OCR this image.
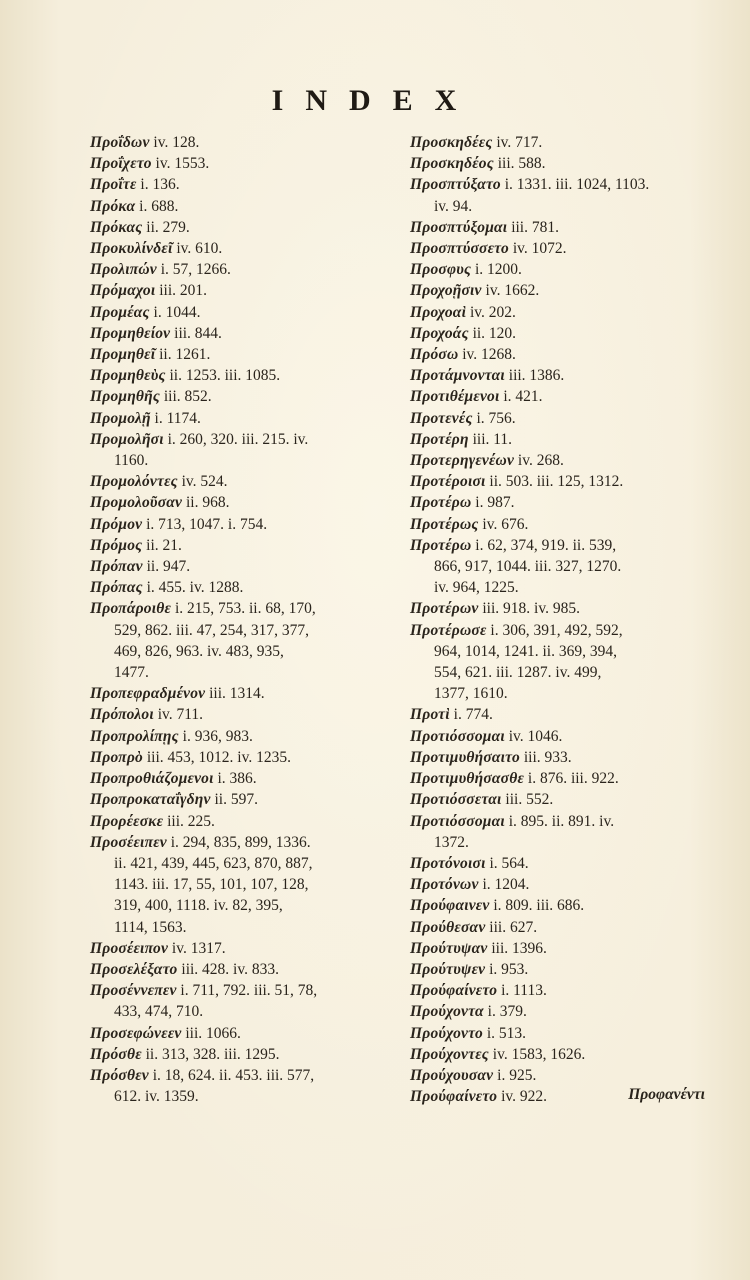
INDEX
Προΐδων iv. 128.
Προΐχετο iv. 1553.
Προΐτε i. 136.
Πρόκα i. 688.
Πρόκας ii. 279.
Προκυλίνδεῖ iv. 610.
Προλιπών i. 57, 1266.
Πρόμαχοι iii. 201.
Προμέας i. 1044.
Προμηθείον iii. 844.
Προμηθεῖ ii. 1261.
Προμηθεὺς ii. 1253. iii. 1085.
Προμηθῆς iii. 852.
Προμολῇ i. 1174.
Προμολῆσι i. 260, 320. iii. 215. iv.
1160.
Προμολόντες iv. 524.
Προμολοῦσαν ii. 968.
Πρόμον i. 713, 1047. i. 754.
Πρόμος ii. 21.
Πρόπαν ii. 947.
Πρόπας i. 455. iv. 1288.
Προπάροιθε i. 215, 753. ii. 68, 170,
529, 862. iii. 47, 254, 317, 377,
469, 826, 963. iv. 483, 935,
1477.
Προπεφραδμένον iii. 1314.
Πρόπολοι iv. 711.
Προπρολίπῃς i. 936, 983.
Προπρὸ iii. 453, 1012. iv. 1235.
Προπροθιάζομενοι i. 386.
Προπροκαταΐγδην ii. 597.
Προρέεσκε iii. 225.
Προσέειπεν i. 294, 835, 899, 1336.
ii. 421, 439, 445, 623, 870, 887,
1143. iii. 17, 55, 101, 107, 128,
319, 400, 1118. iv. 82, 395,
1114, 1563.
Προσέειπον iv. 1317.
Προσελέξατο iii. 428. iv. 833.
Προσέννεπεν i. 711, 792. iii. 51, 78,
433, 474, 710.
Προσεφώνεεν iii. 1066.
Πρόσθε ii. 313, 328. iii. 1295.
Πρόσθεν i. 18, 624. ii. 453. iii. 577,
612. iv. 1359.
Προσκηδέες iv. 717.
Προσκηδέος iii. 588.
Προσπτύξατο i. 1331. iii. 1024, 1103.
iv. 94.
Προσπτύξομαι iii. 781.
Προσπτύσσετο iv. 1072.
Προσφυς i. 1200.
Προχοῇσιν iv. 1662.
Προχοαὶ iv. 202.
Προχοάς ii. 120.
Πρόσω iv. 1268.
Προτάμνονται iii. 1386.
Προτιθέμενοι i. 421.
Προτενές i. 756.
Προτέρη iii. 11.
Προτερηγενέων iv. 268.
Προτέροισι ii. 503. iii. 125, 1312.
Προτέρω i. 987.
Προτέρως iv. 676.
Προτέρω i. 62, 374, 919. ii. 539,
866, 917, 1044. iii. 327, 1270.
iv. 964, 1225.
Προτέρων iii. 918. iv. 985.
Προτέρωσε i. 306, 391, 492, 592,
964, 1014, 1241. ii. 369, 394,
554, 621. iii. 1287. iv. 499,
1377, 1610.
Προτὶ i. 774.
Προτιόσσομαι iv. 1046.
Προτιμυθήσαιτο iii. 933.
Προτιμυθήσασθε i. 876. iii. 922.
Προτιόσσεται iii. 552.
Προτιόσσομαι i. 895. ii. 891. iv.
1372.
Προτόνοισι i. 564.
Προτόνων i. 1204.
Προύφαινεν i. 809. iii. 686.
Προύθεσαν iii. 627.
Προύτυψαν iii. 1396.
Προύτυψεν i. 953.
Προύφαίνετο i. 1113.
Προύχοντα i. 379.
Προύχοντο i. 513.
Προύχοντες iv. 1583, 1626.
Προύχουσαν i. 925.
Προύφαίνετο iv. 922.	Προφανέντι
